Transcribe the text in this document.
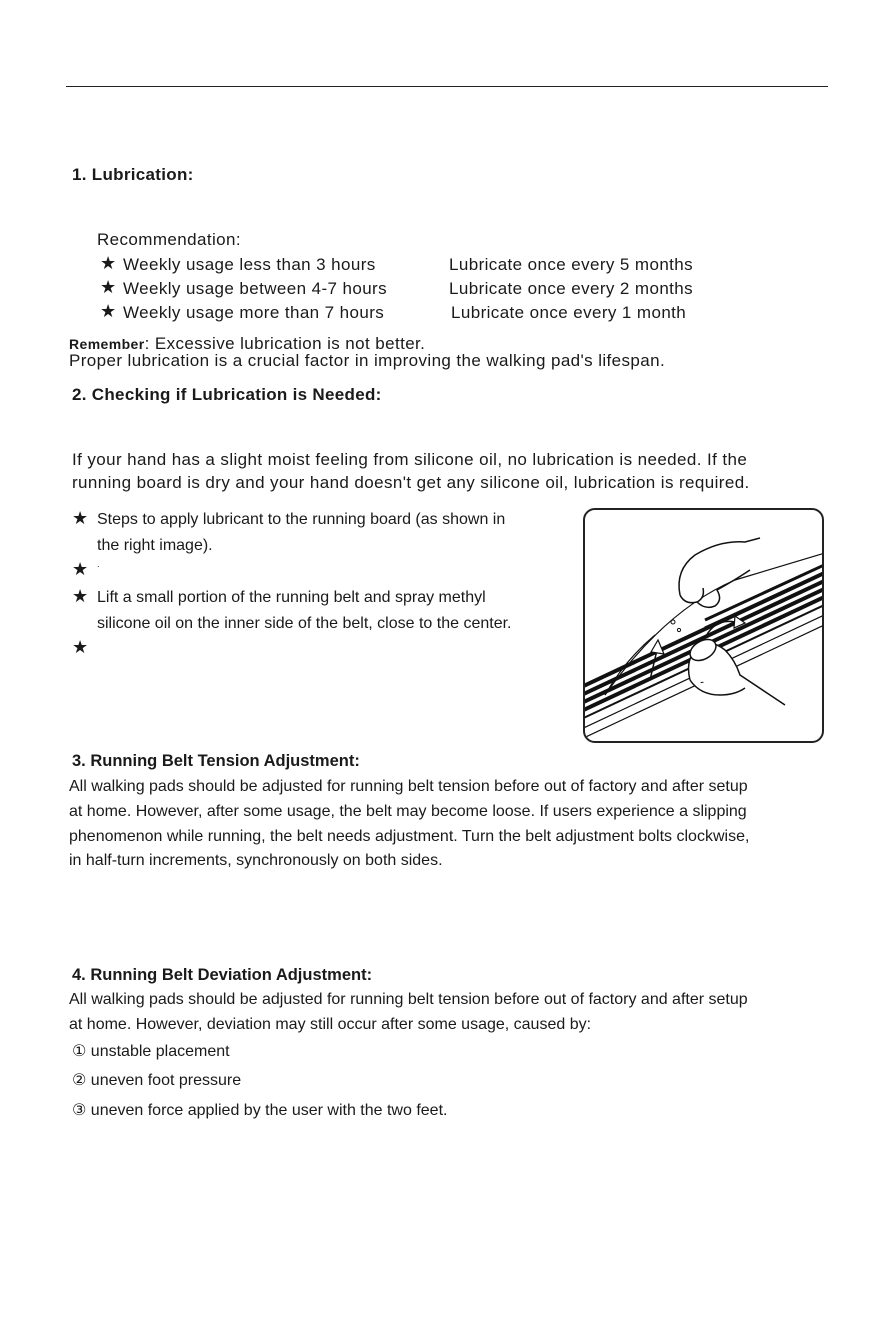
1. Lubrication:
Recommendation:
★ Weekly usage less than 3 hours	Lubricate once every 5 months
★ Weekly usage between 4-7 hours	Lubricate once every 2 months
★ Weekly usage more than 7 hours	Lubricate once every 1 month
Remember: Excessive lubrication is not better.
Proper lubrication is a crucial factor in improving the walking pad's lifespan.
2. Checking if Lubrication is Needed:
If your hand has a slight moist feeling from silicone oil, no lubrication is needed. If the
running board is dry and your hand doesn't get any silicone oil, lubrication is required.
★ Steps to apply lubricant to the running board (as shown in
the right image).
★ .
★ Lift a small portion of the running belt and spray methyl
silicone oil on the inner side of the belt, close to the center.
★
3. Running Belt Tension Adjustment:
All walking pads should be adjusted for running belt tension before out of factory and after setup
at home. However, after some usage, the belt may become loose. If users experience a slipping
phenomenon while running, the belt needs adjustment. Turn the belt adjustment bolts clockwise,
in half-turn increments, synchronously on both sides.
4. Running Belt Deviation Adjustment:
All walking pads should be adjusted for running belt tension before out of factory and after setup
at home. However, deviation may still occur after some usage, caused by:
① unstable placement
② uneven foot pressure
③ uneven force applied by the user with the two feet.
